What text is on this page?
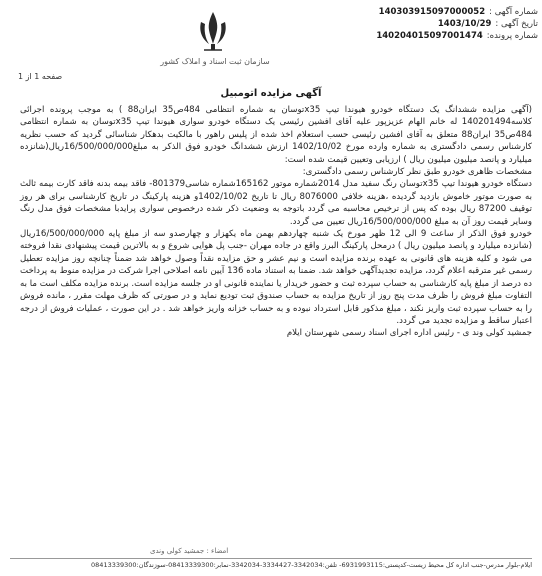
سازمان ثبت اسناد و املاک کشور
شماره آگهی :
140303915097000052
تاریخ آگهی :
1403/10/29
شماره پرونده:
140204015097001474
صفحه 1 از 1
آگهی مزایده اتومبیل

(آگهی مزایده ششدانگ یک دستگاه خودرو هیوندا تیپ x35توسان به شماره انتظامی 484ص35 ایران88 ) به موجب پرونده اجرائی کلاسه140201494 له خانم الهام عزیزپور علیه آقای افشین رئیسی یک دستگاه خودرو سواری هیوندا تیپ x35توسان به شماره انتظامی 484ص35 ایران88 متعلق به آقای افشین رئیسی حسب استعلام اخذ شده از پلیس راهور با مالکیت بدهکار شناسائی گردید که حسب نظریه کارشناس رسمی دادگستری به شماره وارده مورخ 1402/10/02 ارزش ششدانگ خودرو فوق الذکر به مبلغ16/500/000/000ریال(شانزده میلیارد و پانصد میلیون میلیون ریال ) ارزیابی وتعیین قیمت شده است:

مشخصات ظاهری خودرو طبق نظر کارشناس رسمی دادگستری:

دستگاه خودرو هیوندا تیپ x35توسان رنگ سفید مدل 2014شماره موتور 165162شماره شاسی801379- فاقد بیمه بدنه فاقد کارت بیمه ثالث به صورت موتور خاموش بازدید گردیده ،هزینه خلافی 8076000 ریال تا تاریخ 1402/10/02و هزینه پارکینگ در تاریخ کارشناسی برای هر روز توقیف 87200 ریال بوده که پس از ترخیص محاسبه می گردد باتوجه به وضعیت ذکر شده درخصوص سواری پرایدبا مشخصات فوق مدل رنگ وسایر قیمت روز آن به مبلغ 16/500/000/000ریال تعیین می گردد.

خودرو فوق الذکر از ساعت 9 الی 12 ظهر مورخ یک شنبه چهاردهم بهمن ماه یکهزار و چهارصدو سه از مبلغ پایه 16/500/000/000ریال (شانزده میلیارد و پانصد میلیون ریال ) درمحل پارکینگ البرز واقع در جاده مهران -جنب پل هوایی شروع و به بالاترین قیمت پیشنهادی نقدا فروخته می شود و کلیه هزینه های قانونی به عهده برنده مزایده است و نیم عشر و حق مزایده نقداً وصول خواهد شد ضمناً چنانچه روز مزایده تعطیل رسمی غیر مترقبه اعلام گردد، مزایده تجدیدآگهی خواهد شد. ضمنا به استناد ماده 136 آیین نامه اصلاحی اجرا شرکت در مزایده منوط به پرداخت ده درصد از مبلغ پایه کارشناسی به حساب سپرده ثبت و حضور خریدار یا نماینده قانونی او در جلسه مزایده است. برنده مزایده مکلف است ما به التفاوت مبلغ فروش را ظرف مدت پنج روز از تاریخ مزایده به حساب صندوق ثبت تودیع نماید و در صورتی که ظرف مهلت مقرر ، مانده فروش را به حساب سپرده ثبت واریز نکند ، مبلغ مذکور قابل استرداد نبوده و به حساب خزانه واریز خواهد شد . در این صورت ، عملیات فروش از درجه اعتبار ساقط و مزایده تجدید می گردد.

جمشید کولی وند ی - رئیس اداره اجرای اسناد رسمی شهرستان ایلام

امضاء : جمشید کولی وندی
ایلام-بلوار مدرس-جنب اداره کل محیط زیست-کدپستی:6931993115- تلفن:3342034-3334427-3342034-نمابر:08413339300-سوزندگان:08413339300
